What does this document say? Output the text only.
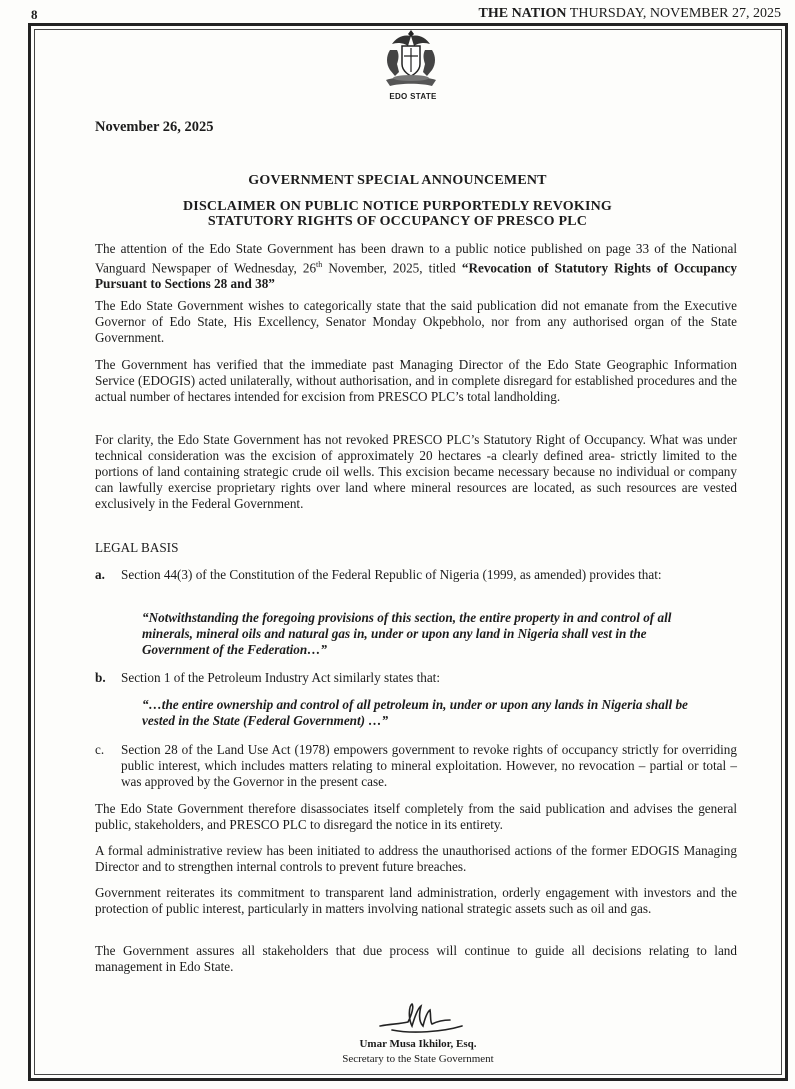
8	THE NATION THURSDAY, NOVEMBER 27, 2025
EDO STATE
November 26, 2025
GOVERNMENT SPECIAL ANNOUNCEMENT
DISCLAIMER ON PUBLIC NOTICE PURPORTEDLY REVOKING
STATUTORY RIGHTS OF OCCUPANCY OF PRESCO PLC
The attention of the Edo State Government has been drawn to a public notice published on page 33 of the National Vanguard Newspaper of Wednesday, 26th November, 2025, titled “Revocation of Statutory Rights of Occupancy Pursuant to Sections 28 and 38”
The Edo State Government wishes to categorically state that the said publication did not emanate from the Executive Governor of Edo State, His Excellency, Senator Monday Okpebholo, nor from any authorised organ of the State Government.
The Government has verified that the immediate past Managing Director of the Edo State Geographic Information Service (EDOGIS) acted unilaterally, without authorisation, and in complete disregard for established procedures and the actual number of hectares intended for excision from PRESCO PLC’s total landholding.
For clarity, the Edo State Government has not revoked PRESCO PLC’s Statutory Right of Occupancy. What was under technical consideration was the excision of approximately 20 hectares -a clearly defined area- strictly limited to the portions of land containing strategic crude oil wells. This excision became necessary because no individual or company can lawfully exercise proprietary rights over land where mineral resources are located, as such resources are vested exclusively in the Federal Government.
LEGAL BASIS
a. Section 44(3) of the Constitution of the Federal Republic of Nigeria (1999, as amended) provides that:
“Notwithstanding the foregoing provisions of this section, the entire property in and control of all minerals, mineral oils and natural gas in, under or upon any land in Nigeria shall vest in the Government of the Federation…”
b. Section 1 of the Petroleum Industry Act similarly states that:
“…the entire ownership and control of all petroleum in, under or upon any lands in Nigeria shall be vested in the State (Federal Government) …”
c. Section 28 of the Land Use Act (1978) empowers government to revoke rights of occupancy strictly for overriding public interest, which includes matters relating to mineral exploitation. However, no revocation – partial or total – was approved by the Governor in the present case.
The Edo State Government therefore disassociates itself completely from the said publication and advises the general public, stakeholders, and PRESCO PLC to disregard the notice in its entirety.
A formal administrative review has been initiated to address the unauthorised actions of the former EDOGIS Managing Director and to strengthen internal controls to prevent future breaches.
Government reiterates its commitment to transparent land administration, orderly engagement with investors and the protection of public interest, particularly in matters involving national strategic assets such as oil and gas.
The Government assures all stakeholders that due process will continue to guide all decisions relating to land management in Edo State.
Umar Musa Ikhilor, Esq.
Secretary to the State Government
